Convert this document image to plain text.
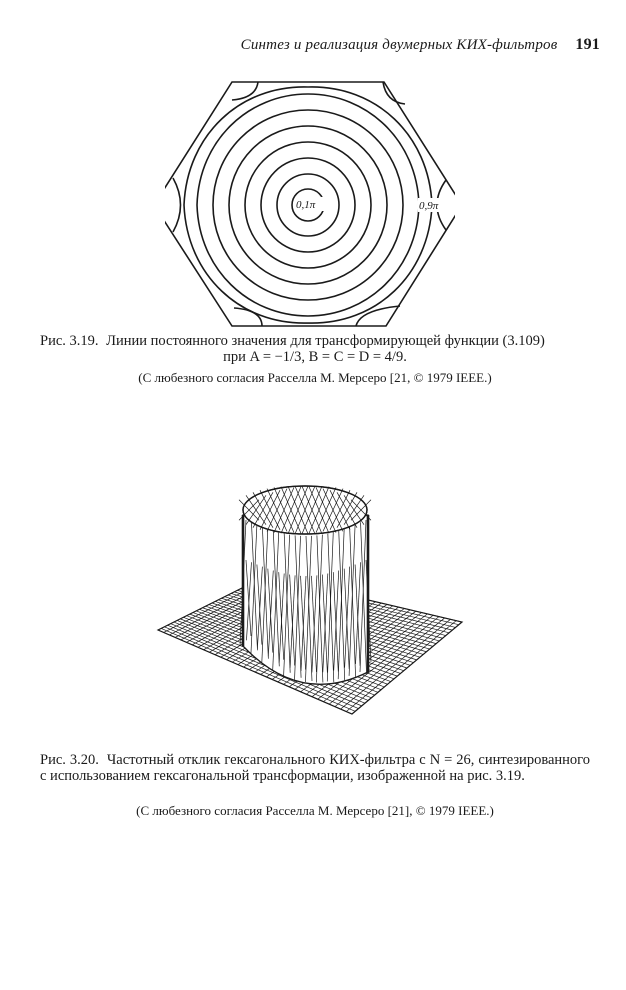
Синтез и реализация двумерных КИХ-фильтров 191
0,1π	0,9π
Рис. 3.19. Линии постоянного значения для трансформирующей функции (3.109)
при A = −1/3, B = C = D = 4/9.
(С любезного согласия Расселла М. Мерсеро [21, © 1979 IEEE.)
Рис. 3.20. Частотный отклик гексагонального КИХ-фильтра с N = 26, синтезированного с использованием гексагональной трансформации, изображенной на рис. 3.19.
(С любезного согласия Расселла М. Мерсеро [21], © 1979 IEEE.)
